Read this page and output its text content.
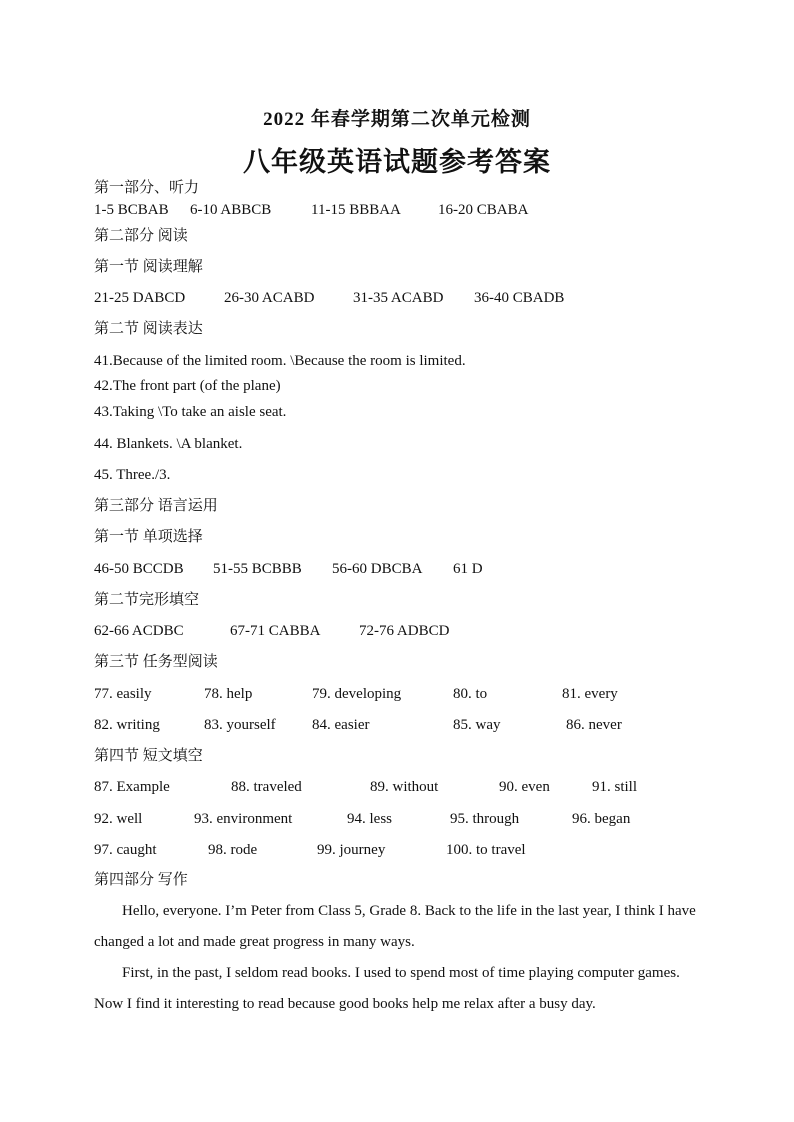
2022 年春学期第二次单元检测
八年级英语试题参考答案
第一部分、听力
1-5 BCBAB 6-10 ABBCB	11-15 BBBAA 16-20 CBABA
第二部分 阅读
第一节 阅读理解
21-25 DABCD	26-30 ACABD	31-35 ACABD 36-40 CBADB
第二节 阅读表达
41.Because of the limited room. \Because the room is limited.
42.The front part (of the plane)
43.Taking \To take an aisle seat.
44. Blankets. \A blanket.
45. Three./3.
第三部分 语言运用
第一节 单项选择
46-50 BCCDB 51-55 BCBBB 56-60 DBCBA 61 D
第二节完形填空
62-66 ACDBC	67-71 CABBA	72-76 ADBCD
第三节 任务型阅读
77. easily	78. help	79. developing	80. to	81. every
82. writing	83. yourself 84. easier	85. way	86. never
第四节 短文填空
87. Example	88. traveled	89. without	90. even	91. still
92. well	93. environment	94. less	95. through	96. began
97. caught	98. rode	99. journey	100. to travel
第四部分 写作
Hello, everyone. I’m Peter from Class 5, Grade 8. Back to the life in the last year, I think I have changed a lot and made great progress in many ways.
First, in the past, I seldom read books. I used to spend most of time playing computer games. Now I find it interesting to read because good books help me relax after a busy day.
